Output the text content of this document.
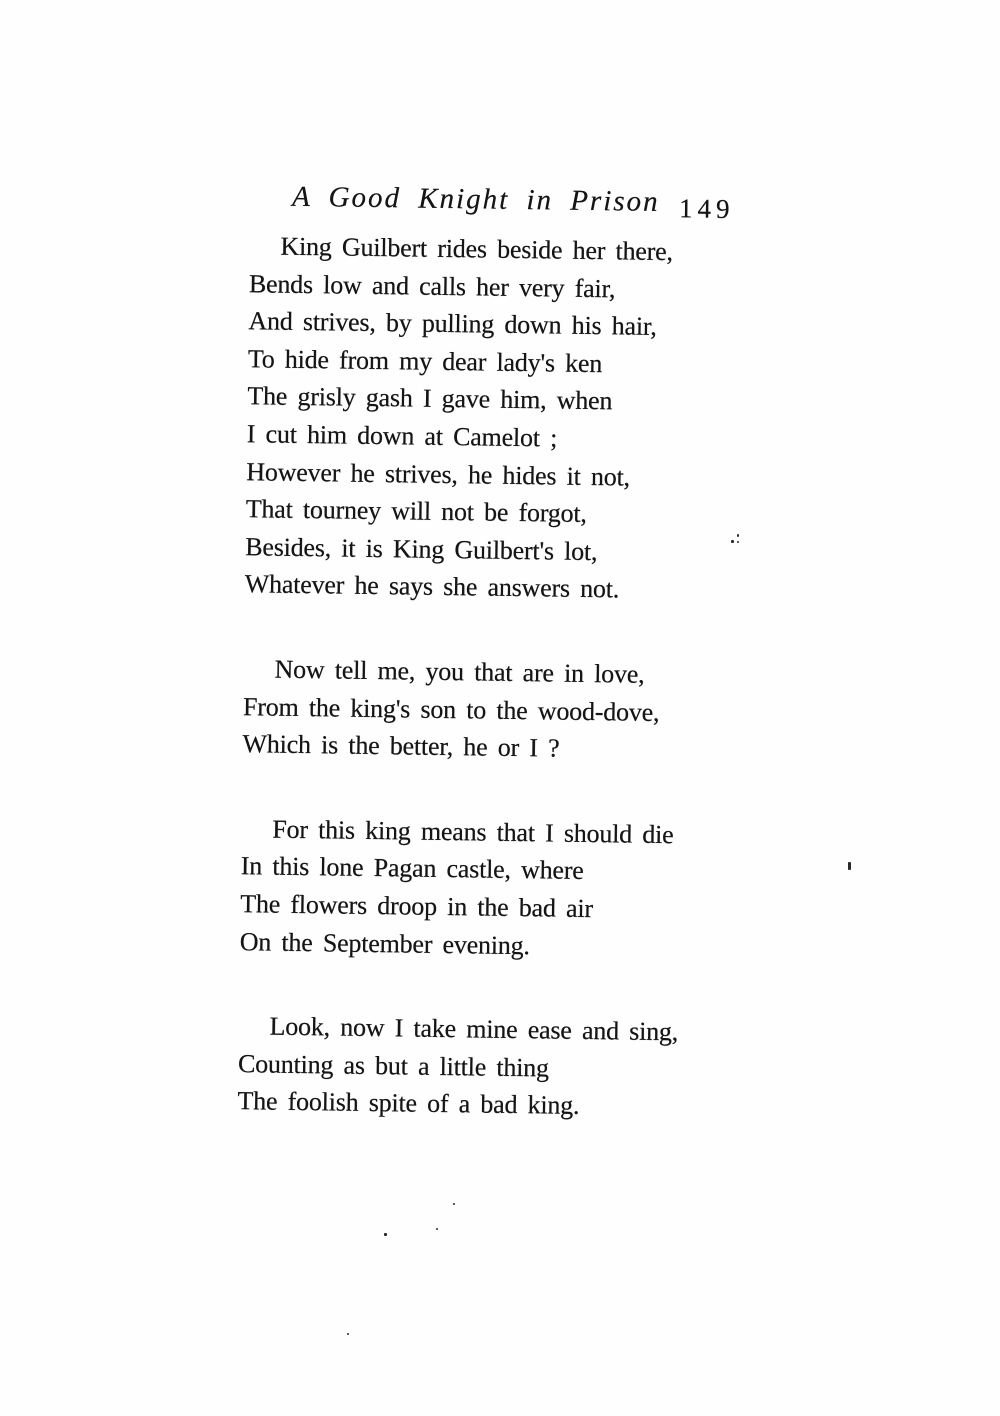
A Good Knight in Prison 149
King Guilbert rides beside her there,
Bends low and calls her very fair,
And strives, by pulling down his hair,
To hide from my dear lady's ken
The grisly gash I gave him, when
I cut him down at Camelot ;
However he strives, he hides it not,
That tourney will not be forgot,
Besides, it is King Guilbert's lot,
Whatever he says she answers not.
Now tell me, you that are in love,
From the king's son to the wood-dove,
Which is the better, he or I ?
For this king means that I should die
In this lone Pagan castle, where
The flowers droop in the bad air
On the September evening.
Look, now I take mine ease and sing,
Counting as but a little thing
The foolish spite of a bad king.
